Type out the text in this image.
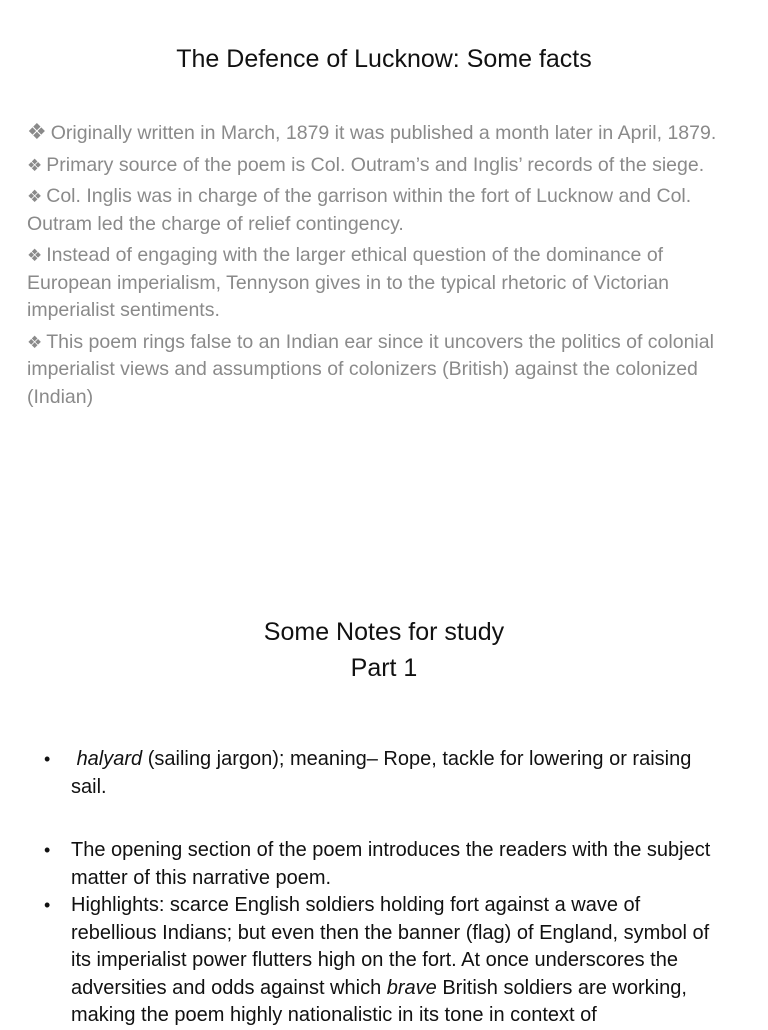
The Defence of Lucknow: Some facts

❖ Originally written in March, 1879 it was published a month later in April, 1879.

❖ Primary source of the poem is Col. Outram’s and Inglis’ records of the siege.

❖ Col. Inglis was in charge of the garrison within the fort of Lucknow and Col. Outram led the charge of relief contingency.

❖ Instead of engaging with the larger ethical question of the dominance of European imperialism, Tennyson gives in to the typical rhetoric of Victorian imperialist sentiments.

❖ This poem rings false to an Indian ear since it uncovers the politics of colonial imperialist views and assumptions of colonizers (British) against the colonized (Indian)

Some Notes for study
Part 1
•	halyard (sailing jargon); meaning– Rope, tackle for lowering or raising sail.
•	The opening section of the poem introduces the readers with the subject matter of this narrative poem.
•	Highlights: scarce English soldiers holding fort against a wave of rebellious Indians; but even then the banner (flag) of England, symbol of its imperialist power flutters high on the fort. At once underscores the adversities and odds against which brave British soldiers are working, making the poem highly nationalistic in its tone in context of
